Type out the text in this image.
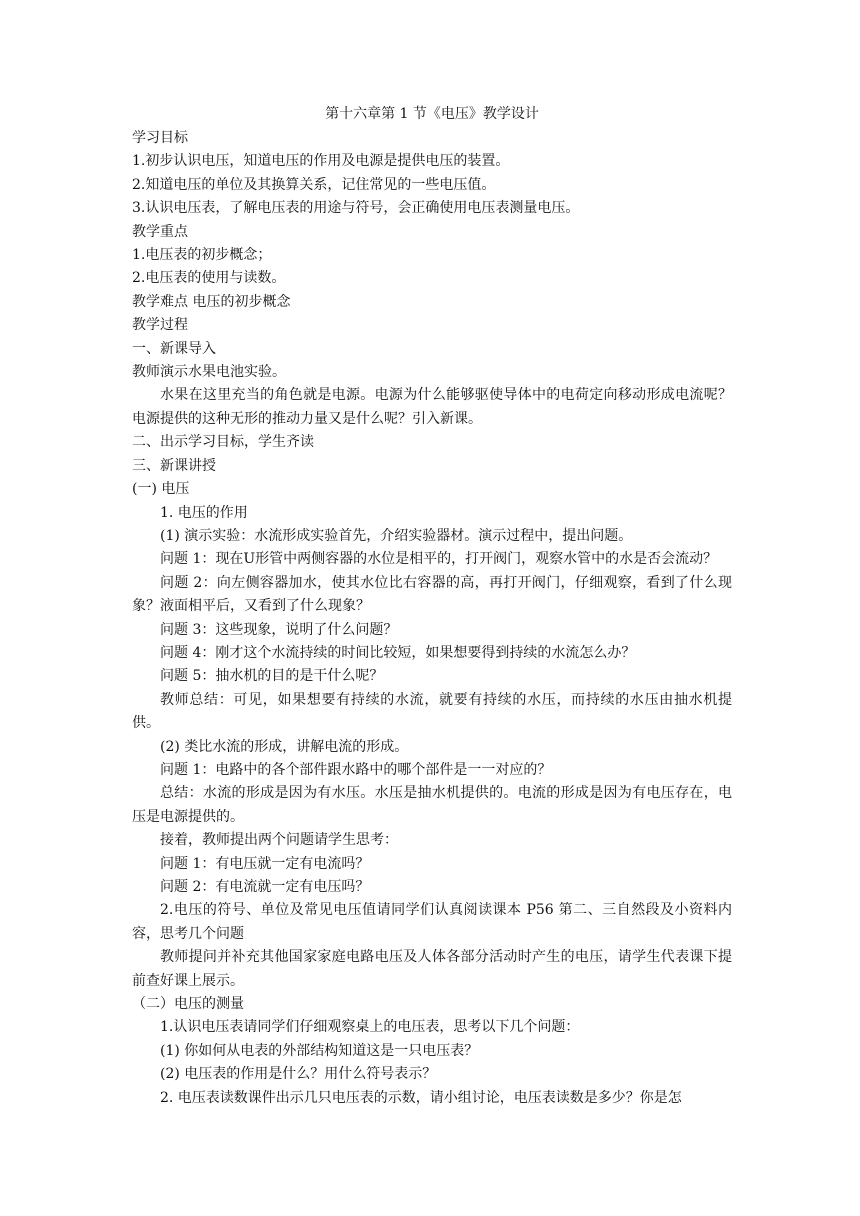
第十六章第 1 节《电压》教学设计

学习目标

1.初步认识电压，知道电压的作用及电源是提供电压的装置。

2.知道电压的单位及其换算关系，记住常见的一些电压值。

3.认识电压表，了解电压表的用途与符号，会正确使用电压表测量电压。

教学重点

1.电压表的初步概念；

2.电压表的使用与读数。

教学难点 电压的初步概念

教学过程

一、新课导入

教师演示水果电池实验。

水果在这里充当的角色就是电源。电源为什么能够驱使导体中的电荷定向移动形成电流呢？电源提供的这种无形的推动力量又是什么呢？引入新课。

二、出示学习目标，学生齐读

三、新课讲授

(一) 电压

1. 电压的作用

(1) 演示实验：水流形成实验首先，介绍实验器材。演示过程中，提出问题。

问题 1：现在U形管中两侧容器的水位是相平的，打开阀门，观察水管中的水是否会流动？

问题 2：向左侧容器加水，使其水位比右容器的高，再打开阀门，仔细观察，看到了什么现象？液面相平后，又看到了什么现象？

问题 3：这些现象，说明了什么问题？

问题 4：刚才这个水流持续的时间比较短，如果想要得到持续的水流怎么办？

问题 5：抽水机的目的是干什么呢？

教师总结：可见，如果想要有持续的水流，就要有持续的水压，而持续的水压由抽水机提供。

(2) 类比水流的形成，讲解电流的形成。

问题 1：电路中的各个部件跟水路中的哪个部件是一一对应的？

总结：水流的形成是因为有水压。水压是抽水机提供的。电流的形成是因为有电压存在，电压是电源提供的。

接着，教师提出两个问题请学生思考：

问题 1：有电压就一定有电流吗？

问题 2：有电流就一定有电压吗？

2.电压的符号、单位及常见电压值请同学们认真阅读课本 P56 第二、三自然段及小资料内容，思考几个问题

教师提问并补充其他国家家庭电路电压及人体各部分活动时产生的电压，请学生代表课下提前查好课上展示。

（二）电压的测量

1.认识电压表请同学们仔细观察桌上的电压表，思考以下几个问题：

(1) 你如何从电表的外部结构知道这是一只电压表？

(2) 电压表的作用是什么？用什么符号表示？

2. 电压表读数课件出示几只电压表的示数，请小组讨论，电压表读数是多少？你是怎
